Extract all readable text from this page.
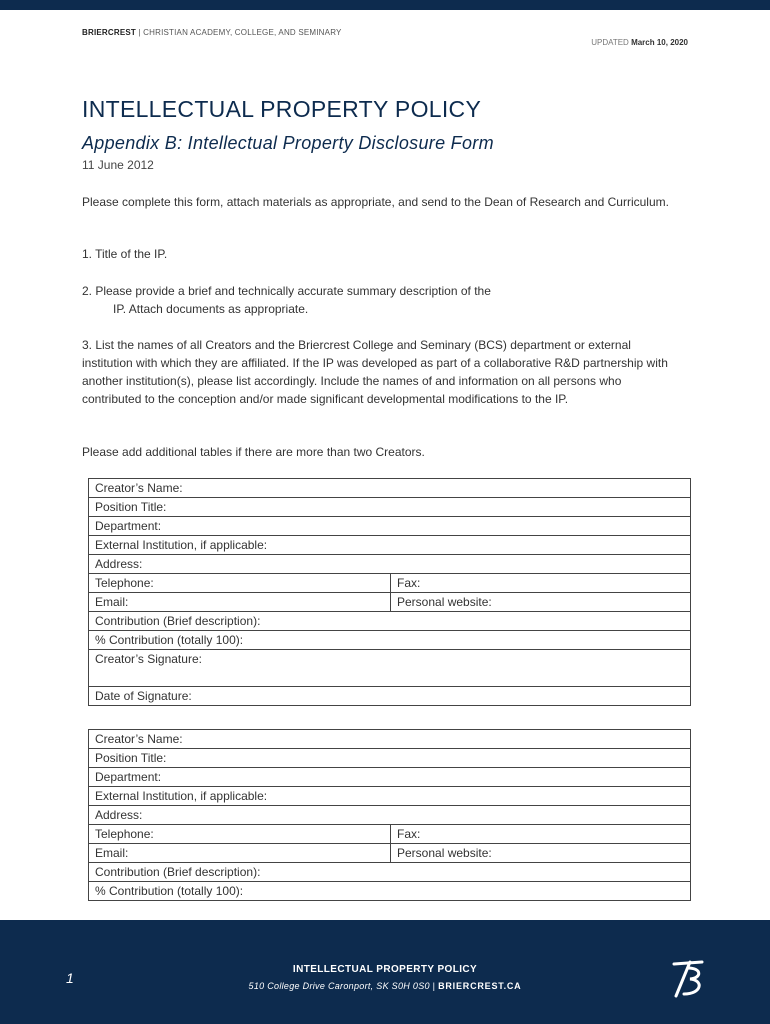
BRIERCREST | CHRISTIAN ACADEMY, COLLEGE, AND SEMINARY
UPDATED March 10, 2020
INTELLECTUAL PROPERTY POLICY
Appendix B: Intellectual Property Disclosure Form
11 June 2012

Please complete this form, attach materials as appropriate, and send to the Dean of Research and Curriculum.

1. Title of the IP.

2. Please provide a brief and technically accurate summary description of the
IP. Attach documents as appropriate.

3. List the names of all Creators and the Briercrest College and Seminary (BCS) department or external institution with which they are affiliated. If the IP was developed as part of a collaborative R&D partnership with another institution(s), please list accordingly. Include the names of and information on all persons who contributed to the conception and/or made significant developmental modifications to the IP.

Please add additional tables if there are more than two Creators.

Creator’s Name:	
Position Title:	
Department:	
External Institution, if applicable:	
Address:	
Telephone:	Fax:
Email:	Personal website:
Contribution (Brief description):	
% Contribution (totally 100):	
Creator’s Signature:	
Date of Signature:	
Creator’s Name:	
Position Title:	
Department:	
External Institution, if applicable:	
Address:	
Telephone:	Fax:
Email:	Personal website:
Contribution (Brief description):	
% Contribution (totally 100):	
1
INTELLECTUAL PROPERTY POLICY
510 College Drive Caronport, SK S0H 0S0 | BRIERCREST.CA
